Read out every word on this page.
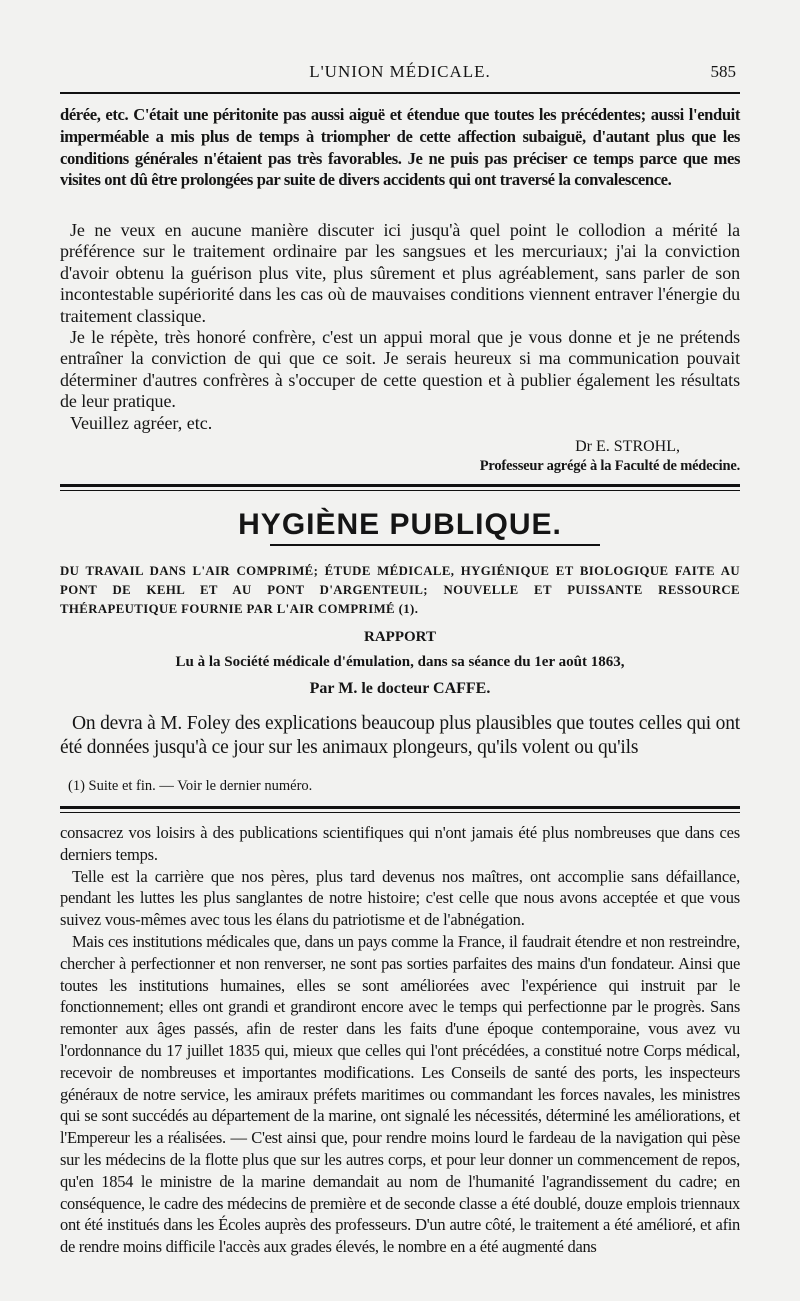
L'UNION MÉDICALE.	585

dérée, etc. C'était une péritonite pas aussi aiguë et étendue que toutes les précédentes; aussi l'enduit imperméable a mis plus de temps à triompher de cette affection subaiguë, d'autant plus que les conditions générales n'étaient pas très favorables. Je ne puis pas préciser ce temps parce que mes visites ont dû être prolongées par suite de divers accidents qui ont traversé la convalescence.

Je ne veux en aucune manière discuter ici jusqu'à quel point le collodion a mérité la préférence sur le traitement ordinaire par les sangsues et les mercuriaux; j'ai la conviction d'avoir obtenu la guérison plus vite, plus sûrement et plus agréablement, sans parler de son incontestable supériorité dans les cas où de mauvaises conditions viennent entraver l'énergie du traitement classique.

Je le répète, très honoré confrère, c'est un appui moral que je vous donne et je ne prétends entraîner la conviction de qui que ce soit. Je serais heureux si ma communication pouvait déterminer d'autres confrères à s'occuper de cette question et à publier également les résultats de leur pratique.

Veuillez agréer, etc.

Dr E. STROHL,
Professeur agrégé à la Faculté de médecine.
HYGIÈNE PUBLIQUE.
DU TRAVAIL DANS L'AIR COMPRIMÉ; ÉTUDE MÉDICALE, HYGIÉNIQUE ET BIOLOGIQUE FAITE AU PONT DE KEHL ET AU PONT D'ARGENTEUIL; NOUVELLE ET PUISSANTE RESSOURCE THÉRAPEUTIQUE FOURNIE PAR L'AIR COMPRIMÉ (1).
RAPPORT
Lu à la Société médicale d'émulation, dans sa séance du 1er août 1863,
Par M. le docteur CAFFE.

On devra à M. Foley des explications beaucoup plus plausibles que toutes celles qui ont été données jusqu'à ce jour sur les animaux plongeurs, qu'ils volent ou qu'ils

(1) Suite et fin. — Voir le dernier numéro.

consacrez vos loisirs à des publications scientifiques qui n'ont jamais été plus nombreuses que dans ces derniers temps.

Telle est la carrière que nos pères, plus tard devenus nos maîtres, ont accomplie sans défaillance, pendant les luttes les plus sanglantes de notre histoire; c'est celle que nous avons acceptée et que vous suivez vous-mêmes avec tous les élans du patriotisme et de l'abnégation.

Mais ces institutions médicales que, dans un pays comme la France, il faudrait étendre et non restreindre, chercher à perfectionner et non renverser, ne sont pas sorties parfaites des mains d'un fondateur. Ainsi que toutes les institutions humaines, elles se sont améliorées avec l'expérience qui instruit par le fonctionnement; elles ont grandi et grandiront encore avec le temps qui perfectionne par le progrès. Sans remonter aux âges passés, afin de rester dans les faits d'une époque contemporaine, vous avez vu l'ordonnance du 17 juillet 1835 qui, mieux que celles qui l'ont précédées, a constitué notre Corps médical, recevoir de nombreuses et importantes modifications. Les Conseils de santé des ports, les inspecteurs généraux de notre service, les amiraux préfets maritimes ou commandant les forces navales, les ministres qui se sont succédés au département de la marine, ont signalé les nécessités, déterminé les améliorations, et l'Empereur les a réalisées. — C'est ainsi que, pour rendre moins lourd le fardeau de la navigation qui pèse sur les médecins de la flotte plus que sur les autres corps, et pour leur donner un commencement de repos, qu'en 1854 le ministre de la marine demandait au nom de l'humanité l'agrandissement du cadre; en conséquence, le cadre des médecins de première et de seconde classe a été doublé, douze emplois triennaux ont été institués dans les Écoles auprès des professeurs. D'un autre côté, le traitement a été amélioré, et afin de rendre moins difficile l'accès aux grades élevés, le nombre en a été augmenté dans
